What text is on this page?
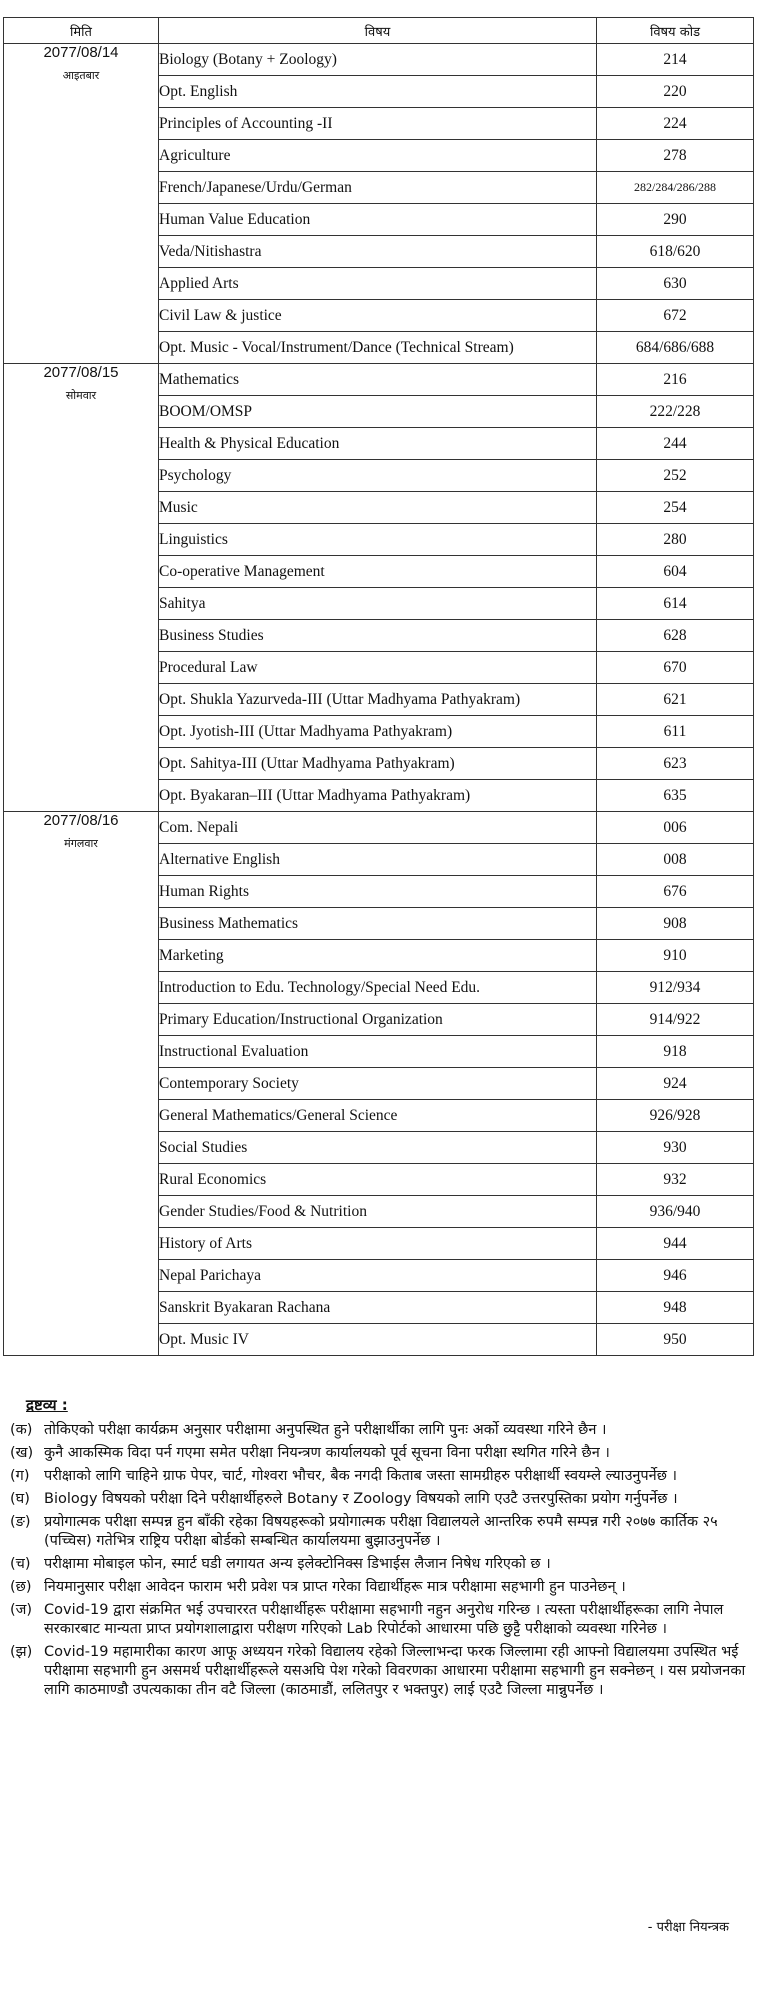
मिति	विषय	विषय कोड

2077/08/14
आइतबार	Biology (Botany + Zoology)	214
	Opt. English	220
	Principles of Accounting -II	224
	Agriculture	278
	French/Japanese/Urdu/German	282/284/286/288
	Human Value Education	290
	Veda/Nitishastra	618/620
	Applied Arts	630
	Civil Law & justice	672
	Opt. Music - Vocal/Instrument/Dance (Technical Stream)	684/686/688

2077/08/15
सोमवार	Mathematics	216
	BOOM/OMSP	222/228
	Health & Physical Education	244
	Psychology	252
	Music	254
	Linguistics	280
	Co-operative Management	604
	Sahitya	614
	Business Studies	628
	Procedural Law	670
	Opt. Shukla Yazurveda-III (Uttar Madhyama Pathyakram)	621
	Opt. Jyotish-III (Uttar Madhyama Pathyakram)	611
	Opt. Sahitya-III (Uttar Madhyama Pathyakram)	623
	Opt. Byakaran–III (Uttar Madhyama Pathyakram)	635

2077/08/16
मंगलवार	Com. Nepali	006
	Alternative English	008
	Human Rights	676
	Business Mathematics	908
	Marketing	910
	Introduction to Edu. Technology/Special Need Edu.	912/934
	Primary Education/Instructional Organization	914/922
	Instructional Evaluation	918
	Contemporary Society	924
	General Mathematics/General Science	926/928
	Social Studies	930
	Rural Economics	932
	Gender Studies/Food & Nutrition	936/940
	History of Arts	944
	Nepal Parichaya	946
	Sanskrit Byakaran Rachana	948
	Opt. Music IV	950
द्रष्टव्य :
(क) तोकिएको परीक्षा कार्यक्रम अनुसार परीक्षामा अनुपस्थित हुने परीक्षार्थीका लागि पुनः अर्को व्यवस्था गरिने छैन ।
(ख) कुनै आकस्मिक विदा पर्न गएमा समेत परीक्षा नियन्त्रण कार्यालयको पूर्व सूचना विना परीक्षा स्थगित गरिने छैन ।
(ग) परीक्षाको लागि चाहिने ग्राफ पेपर, चार्ट, गोश्वरा भौचर, बैक नगदी किताब जस्ता सामग्रीहरु परीक्षार्थी स्वयम्ले ल्याउनुपर्नेछ ।
(घ) Biology विषयको परीक्षा दिने परीक्षार्थीहरुले Botany र Zoology विषयको लागि एउटै उत्तरपुस्तिका प्रयोग गर्नुपर्नेछ ।
(ङ) प्रयोगात्मक परीक्षा सम्पन्न हुन बाँकी रहेका विषयहरूको प्रयोगात्मक परीक्षा विद्यालयले आन्तरिक रुपमै सम्पन्न गरी २०७७ कार्तिक २५ (पच्चिस) गतेभित्र राष्ट्रिय परीक्षा बोर्डको सम्बन्धित कार्यालयमा बुझाउनुपर्नेछ ।
(च) परीक्षामा मोबाइल फोन, स्मार्ट घडी लगायत अन्य इलेक्टोनिक्स डिभाईस लैजान निषेध गरिएको छ ।
(छ) नियमानुसार परीक्षा आवेदन फाराम भरी प्रवेश पत्र प्राप्त गरेका विद्यार्थीहरू मात्र परीक्षामा सहभागी हुन पाउनेछन् ।
(ज) Covid-19 द्वारा संक्रमित भई उपचाररत परीक्षार्थीहरू परीक्षामा सहभागी नहुन अनुरोध गरिन्छ । त्यस्ता परीक्षार्थीहरूका लागि नेपाल सरकारबाट मान्यता प्राप्त प्रयोगशालाद्वारा परीक्षण गरिएको Lab रिपोर्टको आधारमा पछि छुट्टै परीक्षाको व्यवस्था गरिनेछ ।
(झ) Covid-19 महामारीका कारण आफू अध्ययन गरेको विद्यालय रहेको जिल्लाभन्दा फरक जिल्लामा रही आफ्नो विद्यालयमा उपस्थित भई परीक्षामा सहभागी हुन असमर्थ परीक्षार्थीहरूले यसअघि पेश गरेको विवरणका आधारमा परीक्षामा सहभागी हुन सक्नेछन् । यस प्रयोजनका लागि काठमाण्डौ उपत्यकाका तीन वटै जिल्ला (काठमाडौं, ललितपुर र भक्तपुर) लाई एउटै जिल्ला मान्नुपर्नेछ ।
- परीक्षा नियन्त्रक
